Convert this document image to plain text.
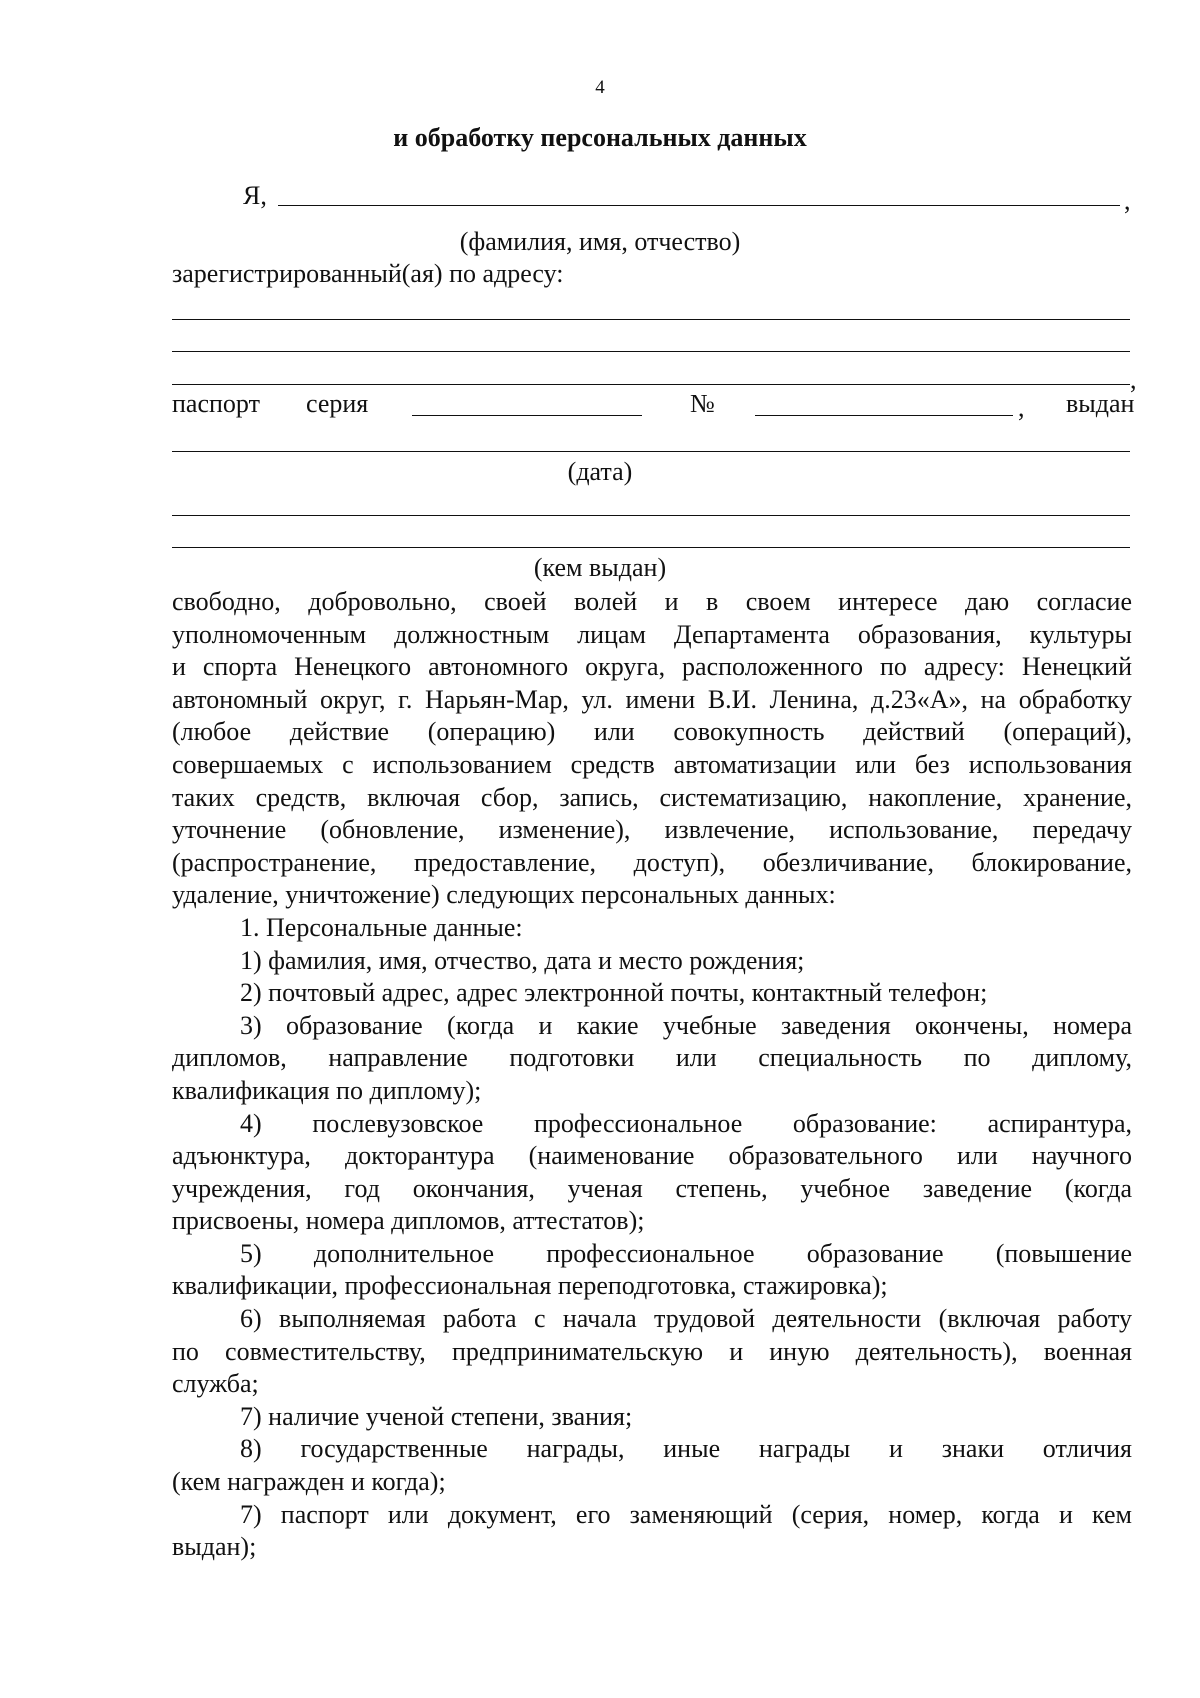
4
и обработку персональных данных
Я,	,
(фамилия, имя, отчество)
зарегистрированный(ая) по адресу:
,
паспорт серия	№	, выдан
(дата)
(кем выдан)
свободно, добровольно, своей волей и в своем интересе даю согласие
уполномоченным должностным лицам Департамента образования, культуры
и спорта Ненецкого автономного округа, расположенного по адресу: Ненецкий
автономный округ, г. Нарьян-Мар, ул. имени В.И. Ленина, д.23«А», на обработку
(любое действие (операцию) или совокупность действий (операций),
совершаемых с использованием средств автоматизации или без использования
таких средств, включая сбор, запись, систематизацию, накопление, хранение,
уточнение (обновление, изменение), извлечение, использование, передачу
(распространение, предоставление, доступ), обезличивание, блокирование,
удаление, уничтожение) следующих персональных данных:
1. Персональные данные:
1) фамилия, имя, отчество, дата и место рождения;
2) почтовый адрес, адрес электронной почты, контактный телефон;
3) образование (когда и какие учебные заведения окончены, номера
дипломов, направление подготовки или специальность по диплому,
квалификация по диплому);
4) послевузовское профессиональное образование: аспирантура,
адъюнктура, докторантура (наименование образовательного или научного
учреждения, год окончания, ученая степень, учебное заведение (когда
присвоены, номера дипломов, аттестатов);
5) дополнительное профессиональное образование (повышение
квалификации, профессиональная переподготовка, стажировка);
6) выполняемая работа с начала трудовой деятельности (включая работу
по совместительству, предпринимательскую и иную деятельность), военная
служба;
7) наличие ученой степени, звания;
8) государственные награды, иные награды и знаки отличия
(кем награжден и когда);
7) паспорт или документ, его заменяющий (серия, номер, когда и кем
выдан);
